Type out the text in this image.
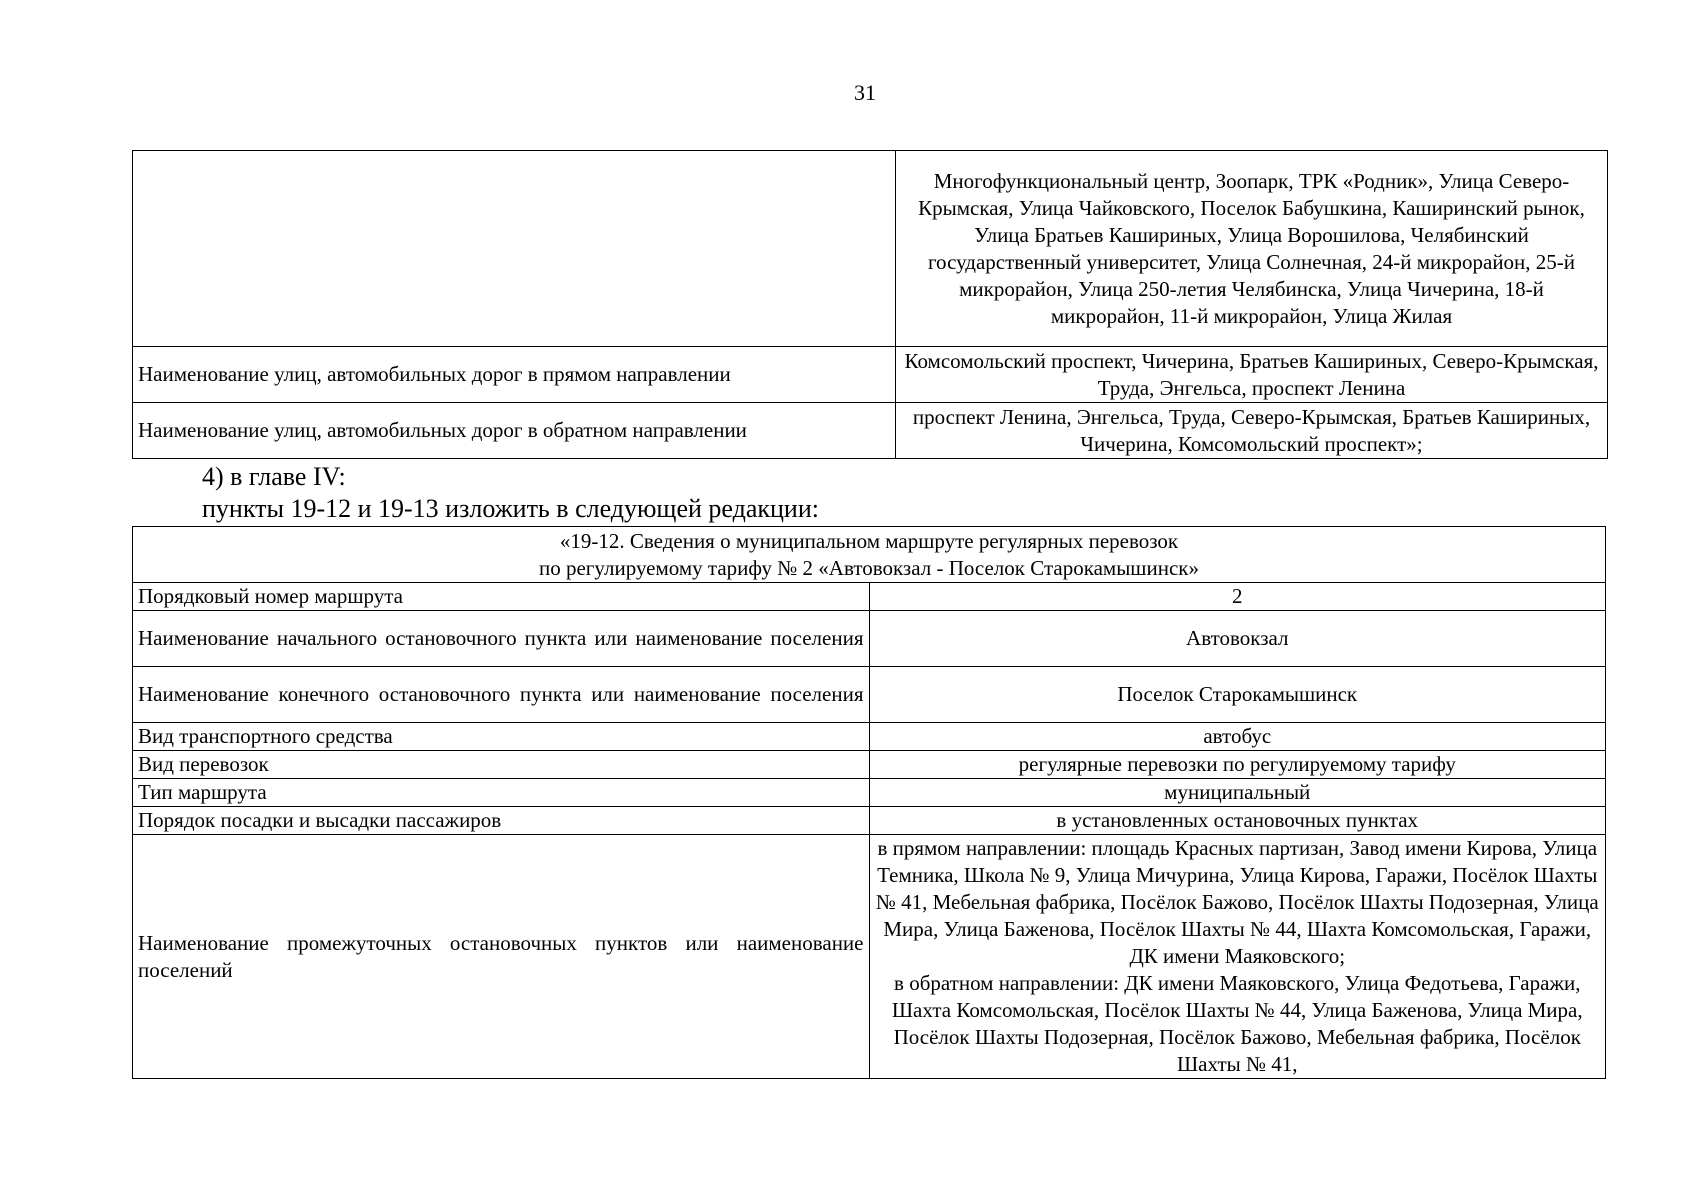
31
	Многофункциональный центр, Зоопарк, ТРК «Родник», Улица Северо-Крымская, Улица Чайковского, Поселок Бабушкина, Каширинский рынок, Улица Братьев Кашириных, Улица Ворошилова, Челябинский государственный университет, Улица Солнечная, 24-й микрорайон, 25-й микрорайон, Улица 250-летия Челябинска, Улица Чичерина, 18-й микрорайон, 11-й микрорайон, Улица Жилая
Наименование улиц, автомобильных дорог в прямом направлении	Комсомольский проспект, Чичерина, Братьев Кашириных, Северо-Крымская, Труда, Энгельса, проспект Ленина
Наименование улиц, автомобильных дорог в обратном направлении	проспект Ленина, Энгельса, Труда, Северо-Крымская, Братьев Кашириных, Чичерина, Комсомольский проспект»;
4) в главе IV:
пункты 19-12 и 19-13 изложить в следующей редакции:
«19-12. Сведения о муниципальном маршруте регулярных перевозок
по регулируемому тарифу № 2 «Автовокзал - Поселок Старокамышинск»	

Порядковый номер маршрута	2
Наименование начального остановочного пункта или наименование поселения	Автовокзал
Наименование конечного остановочного пункта или наименование поселения	Поселок Старокамышинск
Вид транспортного средства	автобус
Вид перевозок	регулярные перевозки по регулируемому тарифу
Тип маршрута	муниципальный
Порядок посадки и высадки пассажиров	в установленных остановочных пунктах
Наименование промежуточных остановочных пунктов или наименование поселений	в прямом направлении: площадь Красных партизан, Завод имени Кирова, Улица Темника, Школа № 9, Улица Мичурина, Улица Кирова, Гаражи, Посёлок Шахты № 41, Мебельная фабрика, Посёлок Бажово, Посёлок Шахты Подозерная, Улица Мира, Улица Баженова, Посёлок Шахты № 44, Шахта Комсомольская, Гаражи, ДК имени Маяковского;
в обратном направлении: ДК имени Маяковского, Улица Федотьева, Гаражи, Шахта Комсомольская, Посёлок Шахты № 44, Улица Баженова, Улица Мира, Посёлок Шахты Подозерная, Посёлок Бажово, Мебельная фабрика, Посёлок Шахты № 41,
